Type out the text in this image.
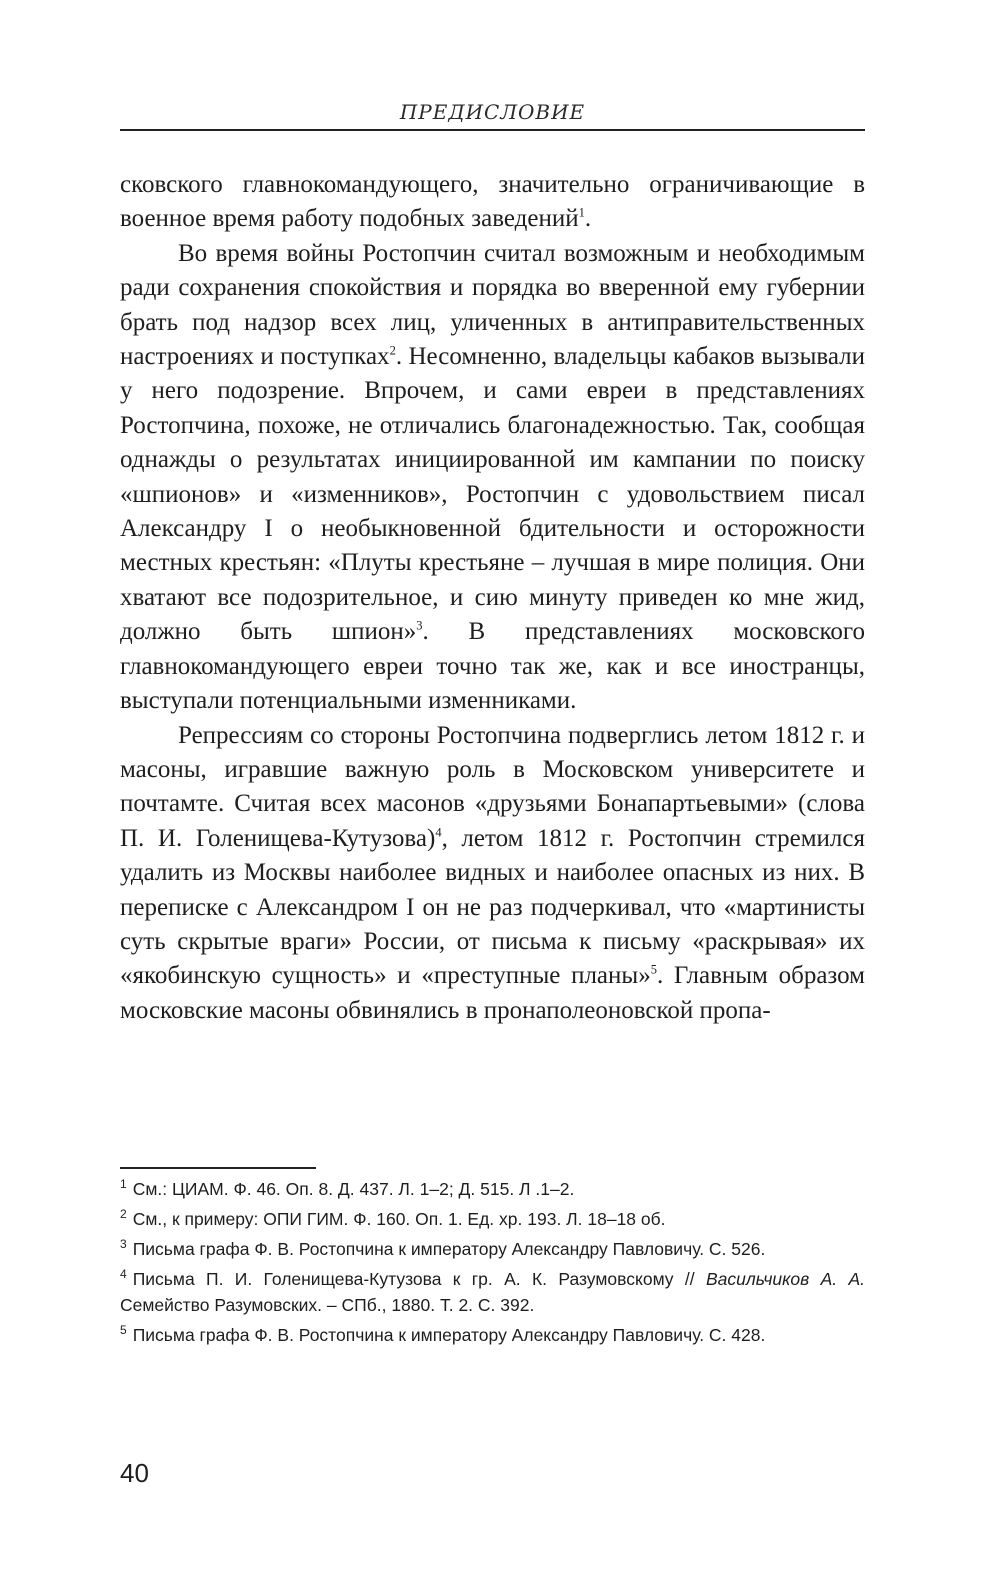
ПРЕДИСЛОВИЕ

сковского главнокомандующего, значительно ограничивающие в военное время работу подобных заведений$^1$.

Во время войны Ростопчин считал возможным и необходимым ради сохранения спокойствия и порядка во вверенной ему губернии брать под надзор всех лиц, уличенных в антиправительственных настроениях и поступках$^2$. Несомненно, владельцы кабаков вызывали у него подозрение. Впрочем, и сами евреи в представлениях Ростопчина, похоже, не отличались благонадежностью. Так, сообщая однажды о результатах инициированной им кампании по поиску «шпионов» и «изменников», Ростопчин с удовольствием писал Александру I о необыкновенной бдительности и осторожности местных крестьян: «Плуты крестьяне – лучшая в мире полиция. Они хватают все подозрительное, и сию минуту приведен ко мне жид, должно быть шпион»$^3$. В представлениях московского главнокомандующего евреи точно так же, как и все иностранцы, выступали потенциальными изменниками.

Репрессиям со стороны Ростопчина подверглись летом 1812 г. и масоны, игравшие важную роль в Московском университете и почтамте. Считая всех масонов «друзьями Бонапартьевыми» (слова П. И. Голенищева-Кутузова)$^4$, летом 1812 г. Ростопчин стремился удалить из Москвы наиболее видных и наиболее опасных из них. В переписке с Александром I он не раз подчеркивал, что «мартинисты суть скрытые враги» России, от письма к письму «раскрывая» их «якобинскую сущность» и «преступные планы»$^5$. Главным образом московские масоны обвинялись в пронаполеоновской пропа-

$^1$ См.: ЦИАМ. Ф. 46. Оп. 8. Д. 437. Л. 1–2; Д. 515. Л .1–2.
$^2$ См., к примеру: ОПИ ГИМ. Ф. 160. Оп. 1. Ед. хр. 193. Л. 18–18 об.
$^3$ Письма графа Ф. В. Ростопчина к императору Александру Павловичу. С. 526.
$^4$ Письма П. И. Голенищева-Кутузова к гр. А. К. Разумовскому // Васильчиков А. А. Семейство Разумовских. – СПб., 1880. Т. 2. С. 392.
$^5$ Письма графа Ф. В. Ростопчина к императору Александру Павловичу. С. 428.
40
